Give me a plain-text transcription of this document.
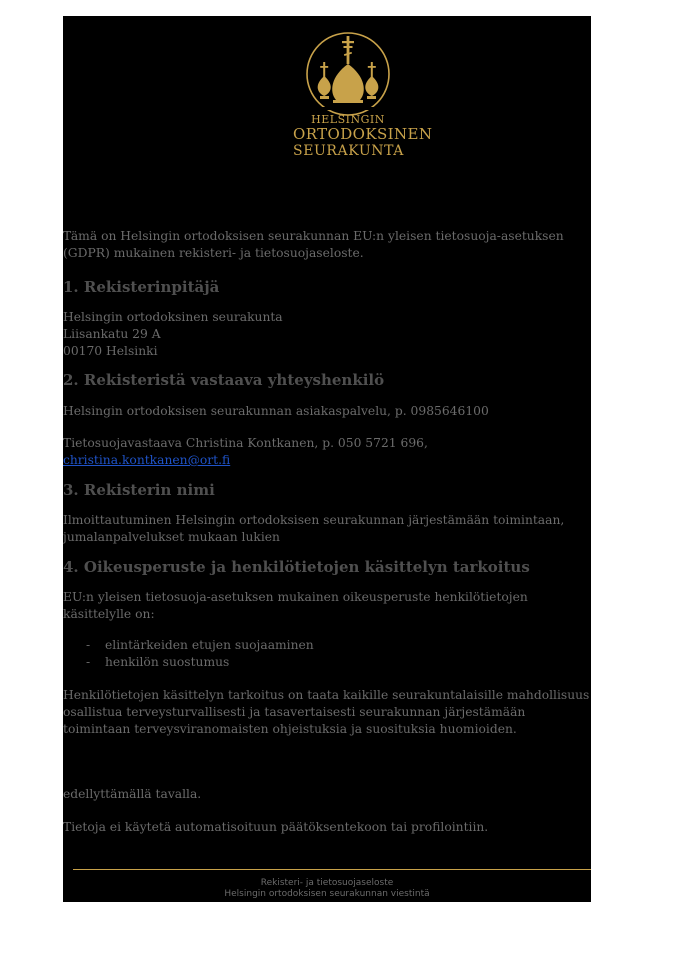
HELSINGIN
ORTODOKSINEN
SEURAKUNTA

Tämä on Helsingin ortodoksisen seurakunnan EU:n yleisen tietosuoja-asetuksen (GDPR) mukainen rekisteri- ja tietosuojaseloste.

1. Rekisterinpitäjä

Helsingin ortodoksinen seurakunta

Liisankatu 29 A

00170 Helsinki

2. Rekisteristä vastaava yhteyshenkilö

Helsingin ortodoksisen seurakunnan asiakaspalvelu, p. 0985646100

Tietosuojavastaava Christina Kontkanen, p. 050 5721 696, christina.kontkanen@ort.fi

3. Rekisterin nimi

Ilmoittautuminen Helsingin ortodoksisen seurakunnan järjestämään toimintaan, jumalanpalvelukset mukaan lukien

4. Oikeusperuste ja henkilötietojen käsittelyn tarkoitus

EU:n yleisen tietosuoja-asetuksen mukainen oikeusperuste henkilötietojen käsittelylle on:

- elintärkeiden etujen suojaaminen
- henkilön suostumus

Henkilötietojen käsittelyn tarkoitus on taata kaikille seurakuntalaisille mahdollisuus osallistua terveysturvallisesti ja tasavertaisesti seurakunnan järjestämään toimintaan terveysviranomaisten ohjeistuksia ja suosituksia huomioiden.

edellyttämällä tavalla.

Tietoja ei käytetä automatisoituun päätöksentekoon tai profilointiin.

Rekisteri- ja tietosuojaseloste
Helsingin ortodoksisen seurakunnan viestintä
